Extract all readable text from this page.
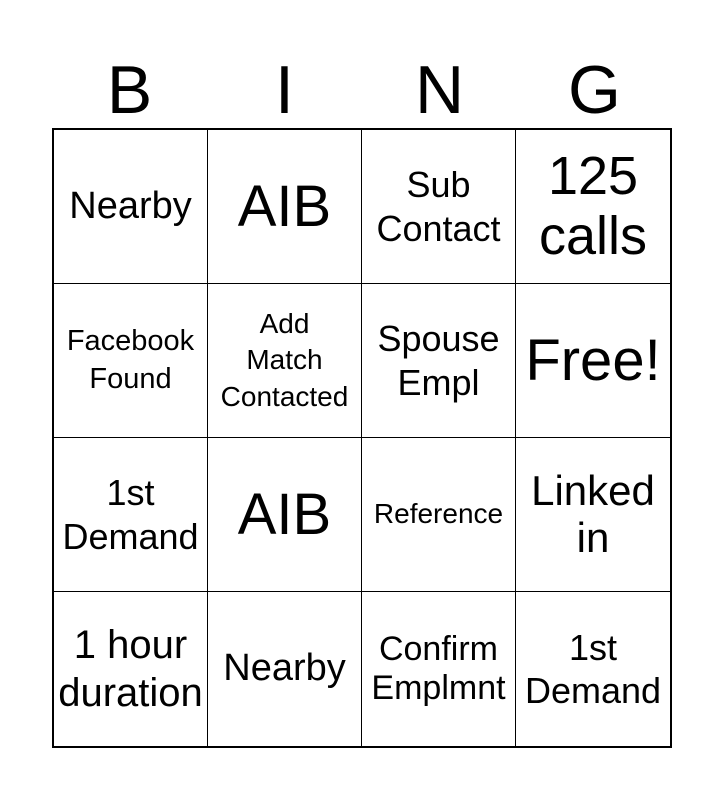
B	I	N	G
Nearby AIB	Sub
Contact
125
calls
Facebook
Found
Add
Match
Contacted
Spouse
Empl Free!
1st
Demand AIB Reference Linked
in
1 hour
duration
Nearby Confirm
Emplmnt
1st
Demand
